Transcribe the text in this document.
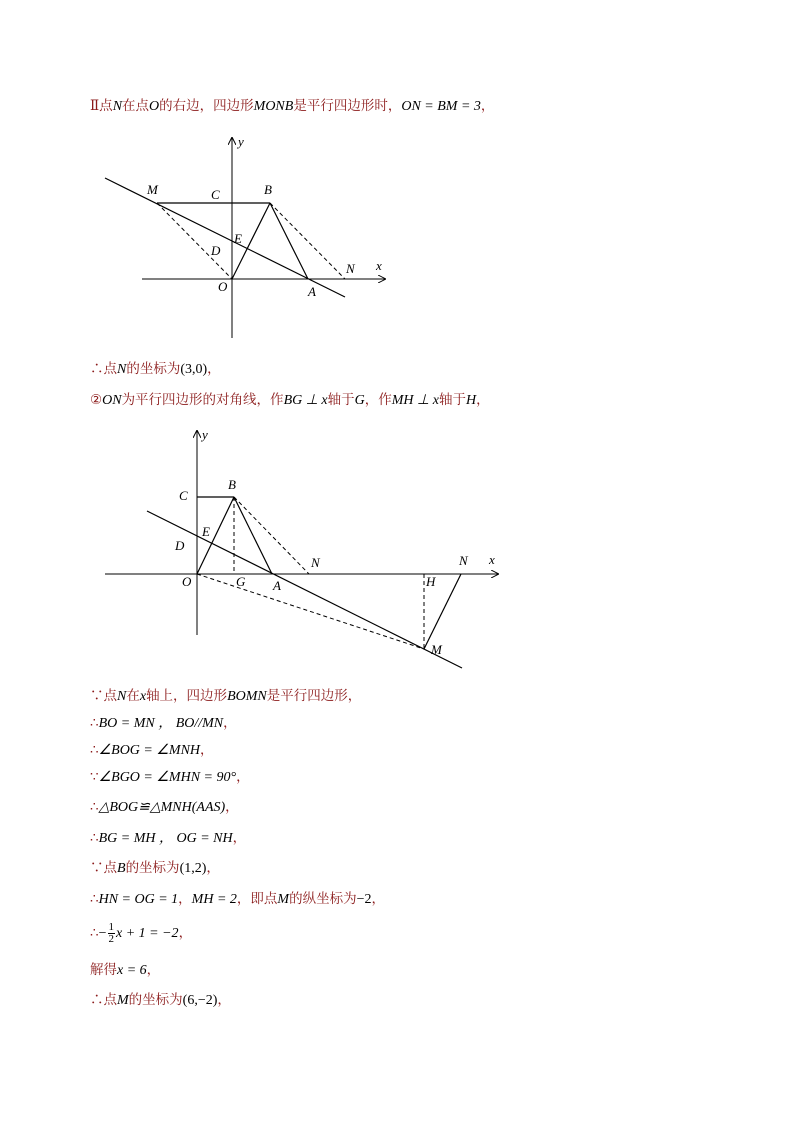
Ⅱ点N在点O的右边，四边形MONB是平行四边形时，ON = BM = 3，
y
x
M	C	B
E
D
N
O	A
∴点N的坐标为(3,0)，
②ON为平行四边形的对角线，作BG ⊥ x轴于G，作MH ⊥ x轴于H，
y
x
C
B
E
D
N	N
O	G A	H
M
∵点N在x轴上，四边形BOMN是平行四边形，
∴BO = MN ， BO//MN，
∴∠BOG = ∠MNH，
∵∠BGO = ∠MHN = 90°，
∴△BOG≌△MNH(AAS)，
∴BG = MH ， OG = NH，
∵点B的坐标为(1,2)，
∴HN = OG = 1，MH = 2，即点M的纵坐标为−2，
∴− $\frac{1}{2}$ x + 1 = −2，
解得x = 6，
∴点M的坐标为(6,−2)，
